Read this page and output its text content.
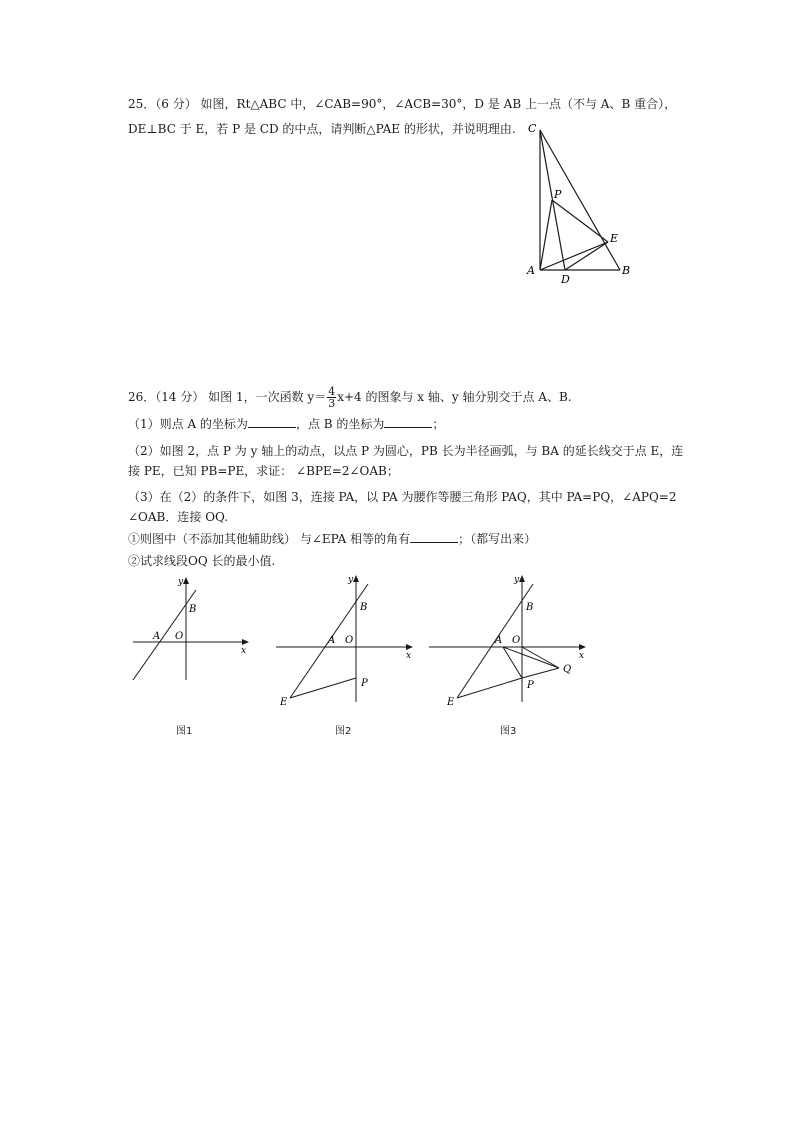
25．（6 分） 如图，Rt△ABC 中，∠CAB=90°，∠ACB=30°，D 是 AB 上一点（不与 A、B 重合），
DE⊥BC 于 E，若 P 是 CD 的中点，请判断△PAE 的形状，并说明理由. C
P
E
A
D
B
26．（14 分） 如图 1，一次函数 $y= \frac{4}{3} x+4$ 的图象与 x 轴、y 轴分别交于点 A、B.
（1）则点 A 的坐标为	，点 B 的坐标为	；
（2）如图 2，点 P 为 y 轴上的动点，以点 P 为圆心，PB 长为半径画弧，与 BA 的延长线交于点 E，连
接 PE，已知 PB=PE，求证： ∠BPE=2∠OAB；
（3）在（2）的条件下，如图 3，连接 PA，以 PA 为腰作等腰三角形 PAQ，其中 PA=PQ，∠APQ=2
∠OAB．连接 OQ.
①则图中（不添加其他辅助线） 与∠EPA 相等的角有	；（都写出来）
②试求线段OQ 长的最小值.
y
x
O
A
B
图1
y
x
O
A
B
P
E
图2
y
x
O
A
B
P
Q
E
图3
